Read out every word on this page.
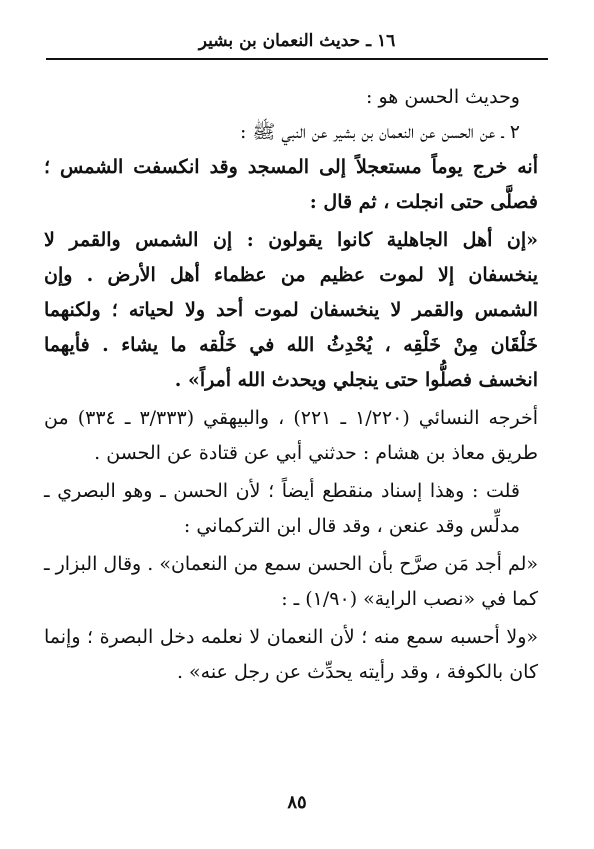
١٦ ـ حديث النعمان بن بشير

وحديث الحسن هو :

٢ ـ عن الحسن عن النعمان بن بشير عن النبي ﷺ :

أنه خرج يوماً مستعجلاً إلى المسجد وقد انكسفت الشمس ؛ فصلَّى حتى انجلت ، ثم قال :

«إن أهل الجاهلية كانوا يقولون : إن الشمس والقمر لا ينخسفان إلا لموت عظيم من عظماء أهل الأرض . وإن الشمس والقمر لا ينخسفان لموت أحد ولا لحياته ؛ ولكنهما خَلْقَان مِنْ خَلْقِه ، يُحْدِثُ الله في خَلْقه ما يشاء . فأيهما انخسف فصلُّوا حتى ينجلي ويحدث الله أمراً» .

أخرجه النسائي (١/٢٢٠ ـ ٢٢١) ، والبيهقي (٣/٣٣٣ ـ ٣٣٤) من طريق معاذ بن هشام : حدثني أبي عن قتادة عن الحسن .

قلت : وهذا إسناد منقطع أيضاً ؛ لأن الحسن ـ وهو البصري ـ مدلِّس وقد عنعن ، وقد قال ابن التركماني :

«لم أجد مَن صرَّح بأن الحسن سمع من النعمان» . وقال البزار ـ كما في «نصب الراية» (١/٩٠) ـ :

«ولا أحسبه سمع منه ؛ لأن النعمان لا نعلمه دخل البصرة ؛ وإنما كان بالكوفة ، وقد رأيته يحدِّث عن رجل عنه» .

٨٥
